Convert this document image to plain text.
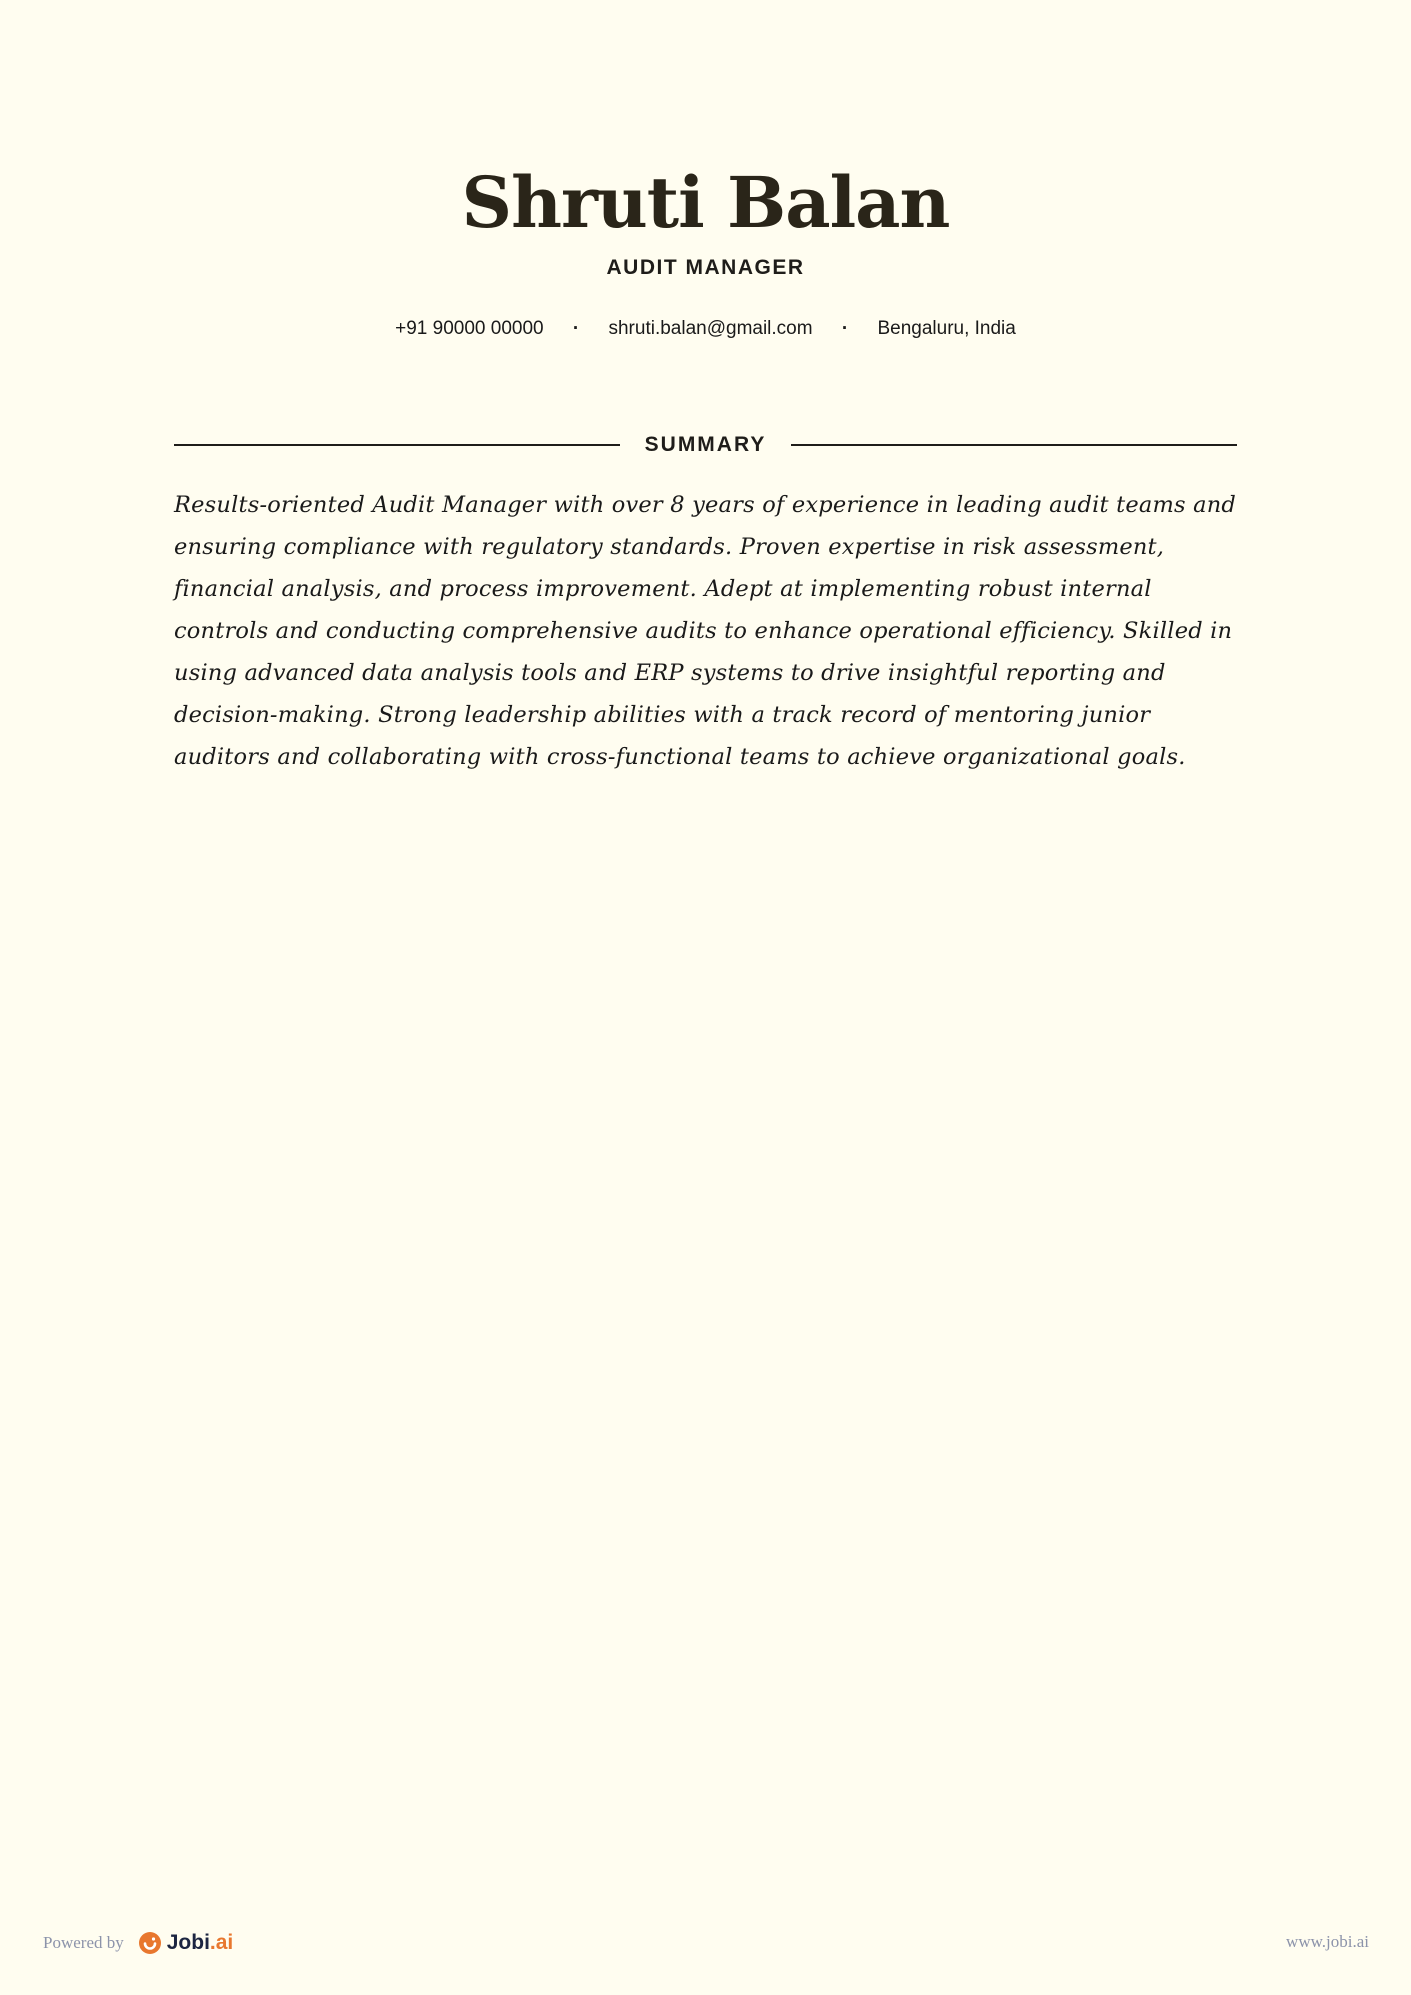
Shruti Balan
AUDIT MANAGER
+91 90000 00000 · shruti.balan@gmail.com · Bengaluru, India
SUMMARY

Results-oriented Audit Manager with over 8 years of experience in leading audit teams and ensuring compliance with regulatory standards. Proven expertise in risk assessment, financial analysis, and process improvement. Adept at implementing robust internal controls and conducting comprehensive audits to enhance operational efficiency. Skilled in using advanced data analysis tools and ERP systems to drive insightful reporting and decision-making. Strong leadership abilities with a track record of mentoring junior auditors and collaborating with cross-functional teams to achieve organizational goals.

Powered by Jobi.ai	www.jobi.ai
